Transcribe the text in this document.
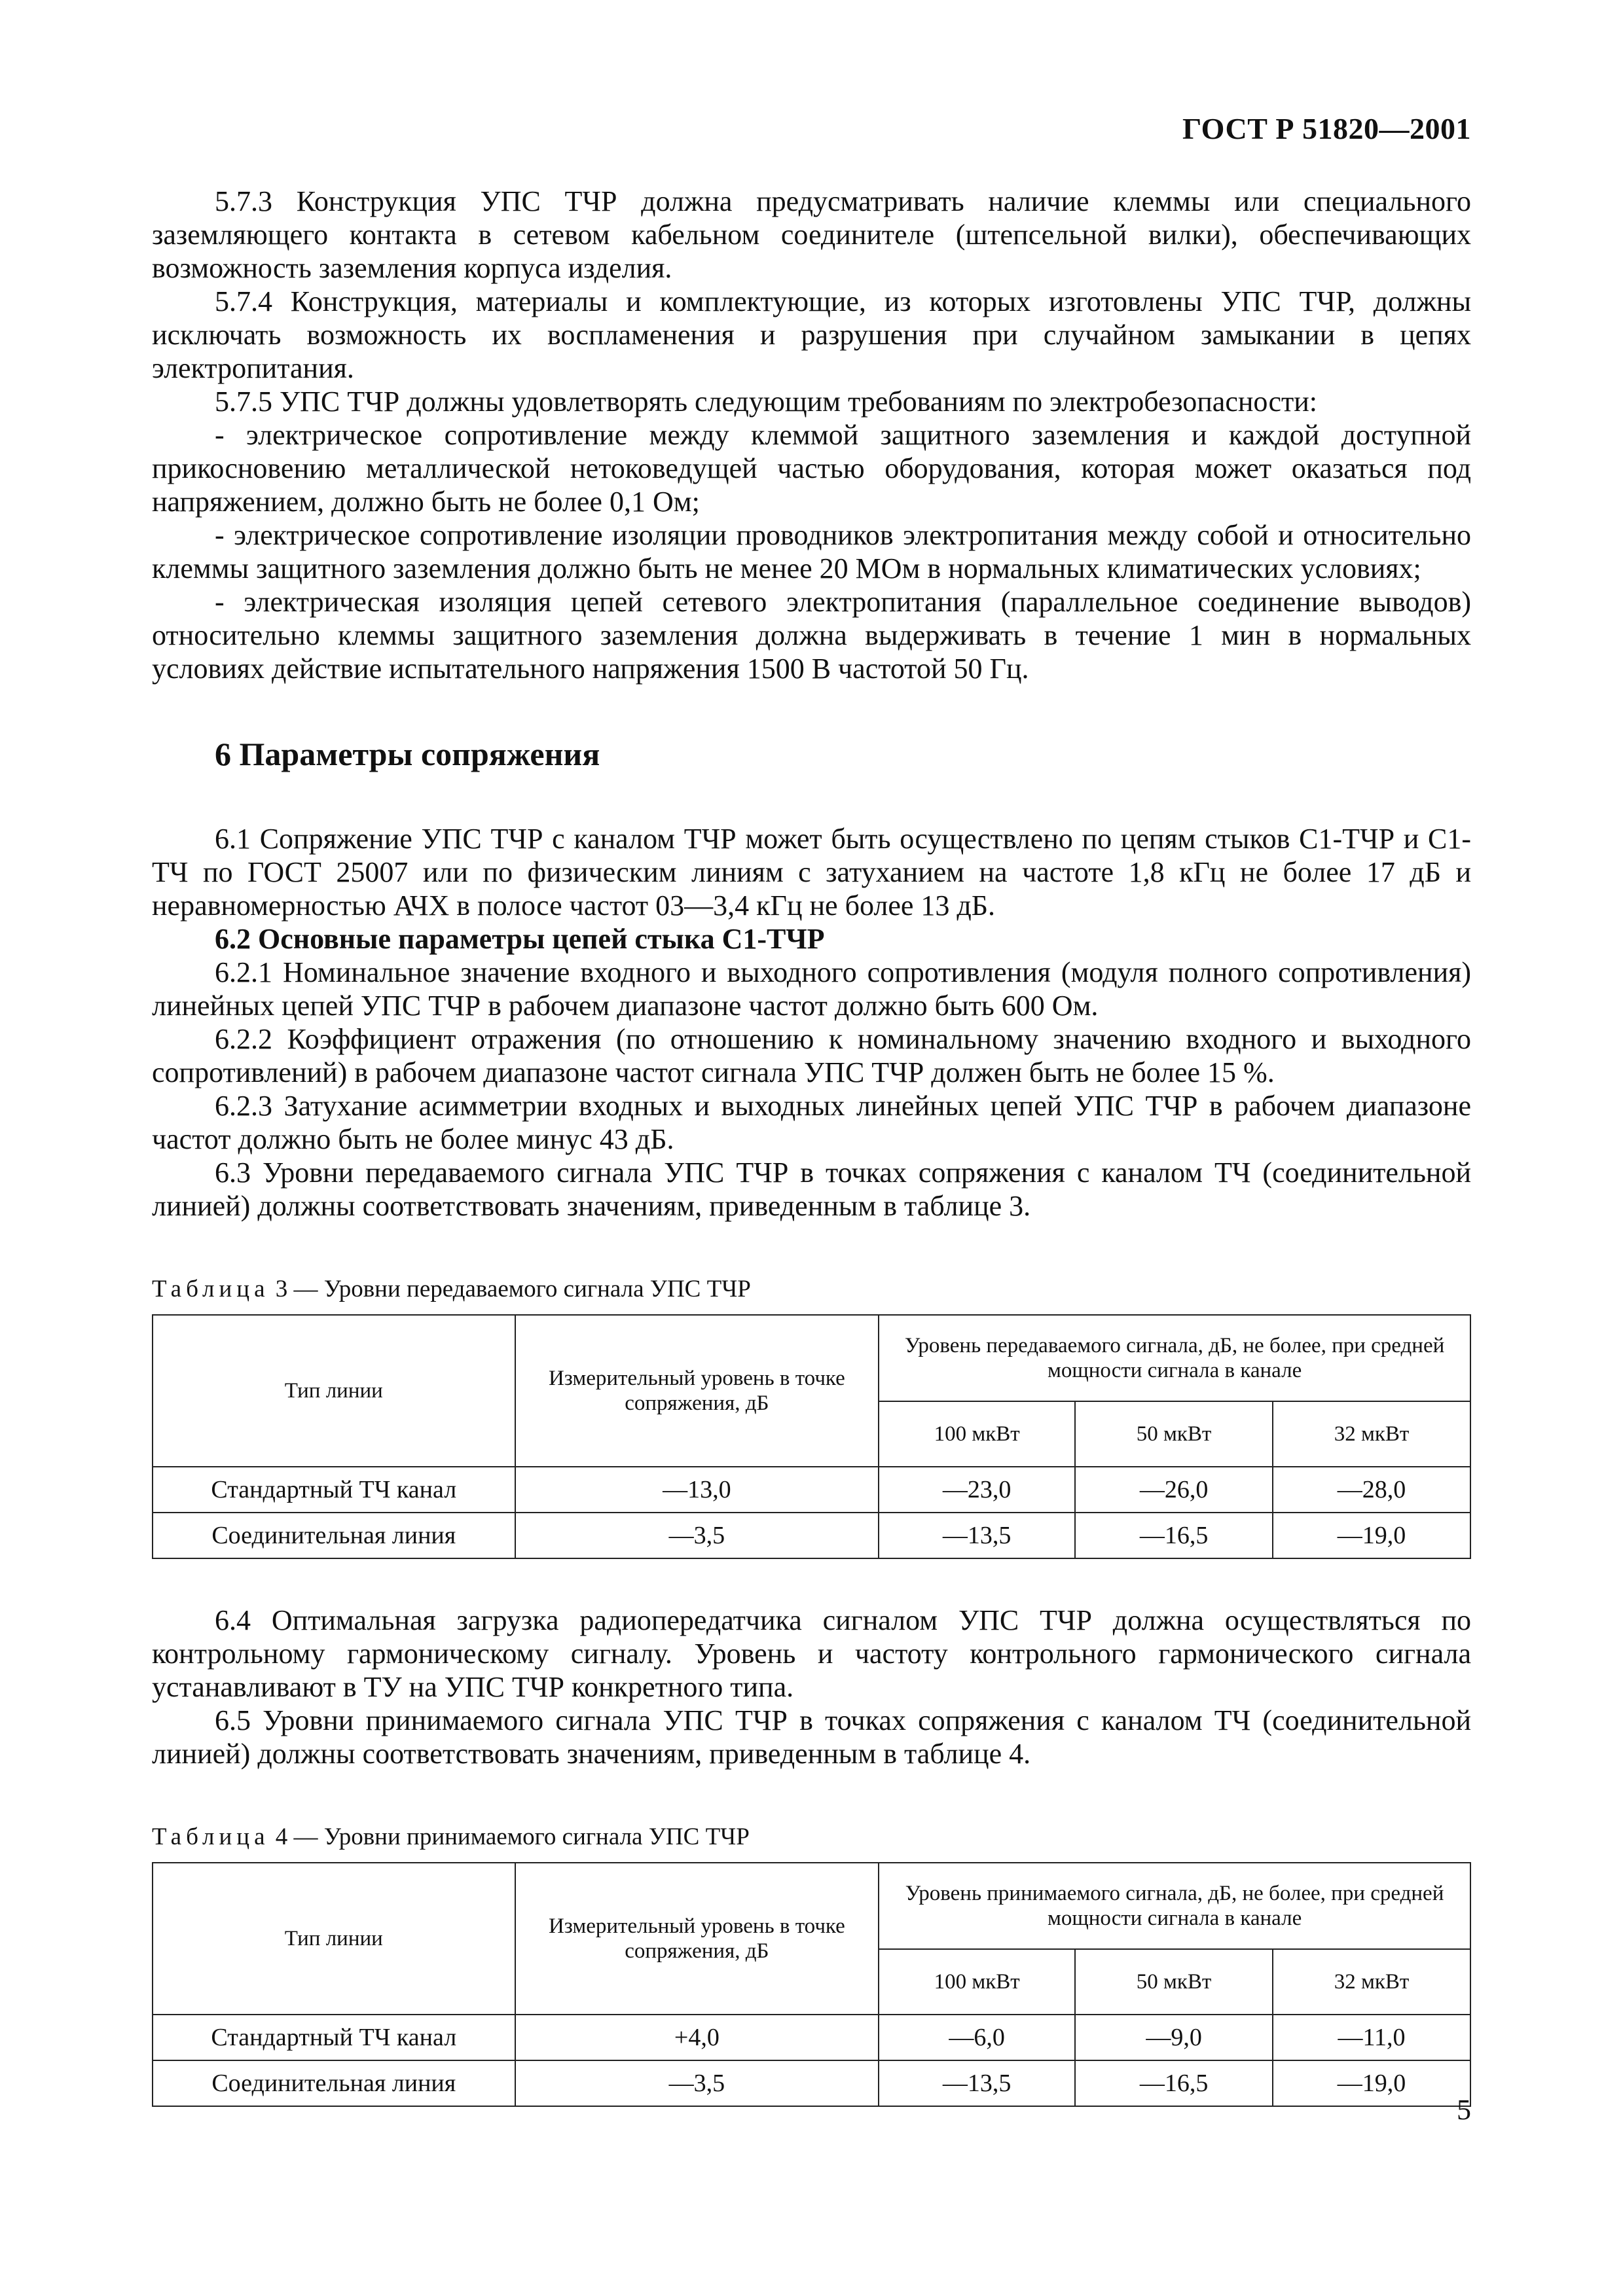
ГОСТ Р 51820—2001

5.7.3 Конструкция УПС ТЧР должна предусматривать наличие клеммы или специального заземляющего контакта в сетевом кабельном соединителе (штепсельной вилки), обеспечивающих возможность заземления корпуса изделия.

5.7.4 Конструкция, материалы и комплектующие, из которых изготовлены УПС ТЧР, должны исключать возможность их воспламенения и разрушения при случайном замыкании в цепях электропитания.

5.7.5 УПС ТЧР должны удовлетворять следующим требованиям по электробезопасности:

- электрическое сопротивление между клеммой защитного заземления и каждой доступной прикосновению металлической нетоковедущей частью оборудования, которая может оказаться под напряжением, должно быть не более 0,1 Ом;

- электрическое сопротивление изоляции проводников электропитания между собой и относительно клеммы защитного заземления должно быть не менее 20 МОм в нормальных климатических условиях;

- электрическая изоляция цепей сетевого электропитания (параллельное соединение выводов) относительно клеммы защитного заземления должна выдерживать в течение 1 мин в нормальных условиях действие испытательного напряжения 1500 В частотой 50 Гц.

6 Параметры сопряжения

6.1 Сопряжение УПС ТЧР с каналом ТЧР может быть осуществлено по цепям стыков С1-ТЧР и С1-ТЧ по ГОСТ 25007 или по физическим линиям с затуханием на частоте 1,8 кГц не более 17 дБ и неравномерностью АЧХ в полосе частот 03—3,4 кГц не более 13 дБ.

6.2 Основные параметры цепей стыка С1-ТЧР

6.2.1 Номинальное значение входного и выходного сопротивления (модуля полного сопротивления) линейных цепей УПС ТЧР в рабочем диапазоне частот должно быть 600 Ом.

6.2.2 Коэффициент отражения (по отношению к номинальному значению входного и выходного сопротивлений) в рабочем диапазоне частот сигнала УПС ТЧР должен быть не более 15 %.

6.2.3 Затухание асимметрии входных и выходных линейных цепей УПС ТЧР в рабочем диапазоне частот должно быть не более минус 43 дБ.

6.3 Уровни передаваемого сигнала УПС ТЧР в точках сопряжения с каналом ТЧ (соединительной линией) должны соответствовать значениям, приведенным в таблице 3.

Таблица 3 — Уровни передаваемого сигнала УПС ТЧР
Тип линии	Измерительный уровень в точке сопряжения, дБ	Уровень передаваемого сигнала, дБ, не более, при средней мощности сигнала в канале		
		100 мкВт	50 мкВт	32 мкВт
Стандартный ТЧ канал	—13,0	—23,0	—26,0	—28,0
Соединительная линия	—3,5	—13,5	—16,5	—19,0

6.4 Оптимальная загрузка радиопередатчика сигналом УПС ТЧР должна осуществляться по контрольному гармоническому сигналу. Уровень и частоту контрольного гармонического сигнала устанавливают в ТУ на УПС ТЧР конкретного типа.

6.5 Уровни принимаемого сигнала УПС ТЧР в точках сопряжения с каналом ТЧ (соединительной линией) должны соответствовать значениям, приведенным в таблице 4.

Таблица 4 — Уровни принимаемого сигнала УПС ТЧР
Тип линии	Измерительный уровень в точке сопряжения, дБ	Уровень принимаемого сигнала, дБ, не более, при средней мощности сигнала в канале		
		100 мкВт	50 мкВт	32 мкВт
Стандартный ТЧ канал	+4,0	—6,0	—9,0	—11,0
Соединительная линия	—3,5	—13,5	—16,5	—19,0
5
